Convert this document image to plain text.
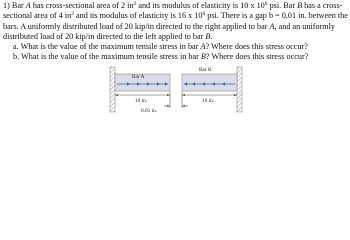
1) Bar A has cross-sectional area of 2 $in^2$ and its modulus of elasticity is 10 x $10^6$ psi. Bar B has a cross-sectional area of 4 $in^2$ and its modulus of elasticity is 16 x $10^6$ psi. There is a gap b = 0.01 in. between the bars. A uniformly distributed load of 20 kip/in directed to the right applied to bar A, and an uniformly distributed load of 20 kip/in directed to the left applied to bar B.

a. What is the value of the maximum tensile stress in bar A? Where does this stress occur?

b. What is the value of the maximum tensile stress in bar B? Where does this stress occur?

Bar A
Bar B
10 in.	10 in.
0.01 in.
